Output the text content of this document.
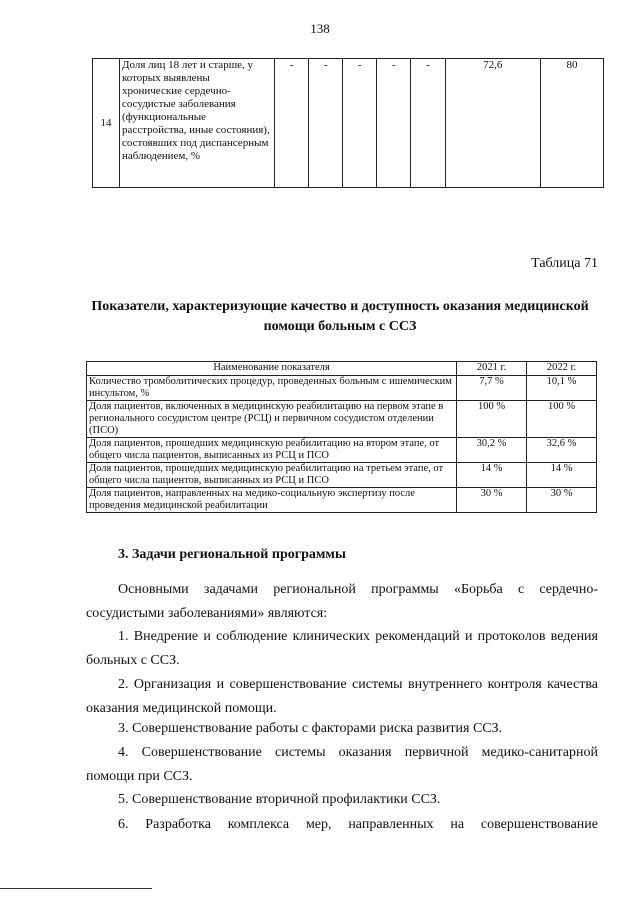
138
14	Доля лиц 18 лет и старше, у которых выявлены хронические сердечно-сосудистые заболевания (функциональные расстройства, иные состояния), состоявших под диспансерным наблюдением, %	-	-	-	-	-	72,6	80
Таблица 71
Показатели, характеризующие качество и доступность оказания медицинской помощи больным с ССЗ
Наименование показателя	2021 г.	2022 г.
Количество тромболитических процедур, проведенных больным с ишемическим инсультом, %	7,7 %	10,1 %
Доля пациентов, включенных в медицинскую реабилитацию на первом этапе в регионального сосудистом центре (РСЦ) и первичном сосудистом отделении (ПСО)	100 %	100 %
Доля пациентов, прошедших медицинскую реабилитацию на втором этапе, от общего числа пациентов, выписанных из РСЦ и ПСО	30,2 %	32,6 %
Доля пациентов, прошедших медицинскую реабилитацию на третьем этапе, от общего числа пациентов, выписанных из РСЦ и ПСО	14 %	14 %
Доля пациентов, направленных на медико-социальную экспертизу после проведения медицинской реабилитации	30 %	30 %
3. Задачи региональной программы
Основными задачами региональной программы «Борьба с сердечно-сосудистыми заболеваниями» являются:
1. Внедрение и соблюдение клинических рекомендаций и протоколов ведения больных с ССЗ.
2. Организация и совершенствование системы внутреннего контроля качества оказания медицинской помощи.
3. Совершенствование работы с факторами риска развития ССЗ.
4. Совершенствование системы оказания первичной медико-санитарной помощи при ССЗ.
5. Совершенствование вторичной профилактики ССЗ.
6. Разработка комплекса мер, направленных на совершенствование
